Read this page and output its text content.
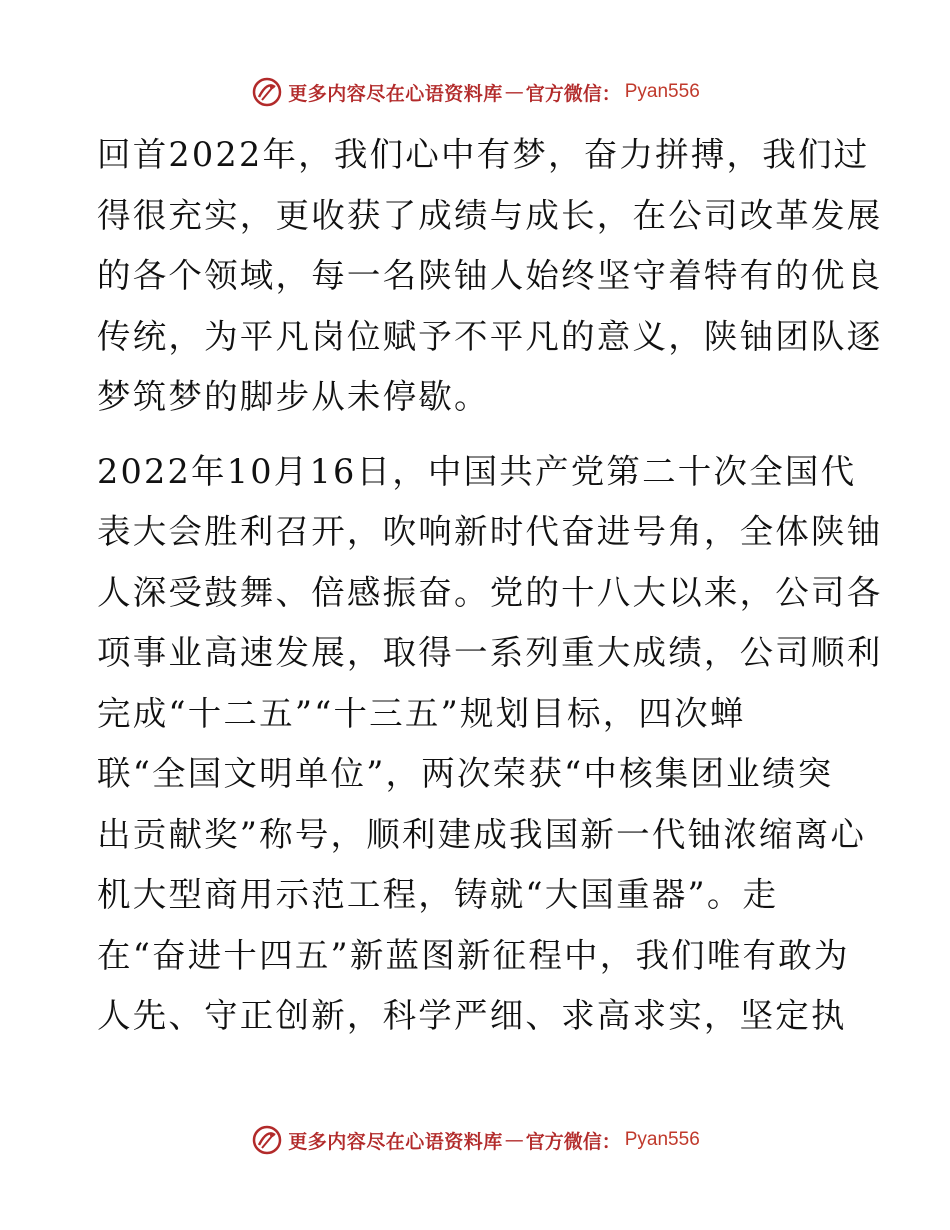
更多内容尽在心语资料库 — 官方微信： Pyan556
回首2022年，我们心中有梦，奋力拼搏，我们过
得很充实，更收获了成绩与成长，在公司改革发展
的各个领域，每一名陕铀人始终坚守着特有的优良
传统，为平凡岗位赋予不平凡的意义，陕铀团队逐
梦筑梦的脚步从未停歇。
2022年10月16日，中国共产党第二十次全国代
表大会胜利召开，吹响新时代奋进号角，全体陕铀
人深受鼓舞、倍感振奋。党的十八大以来，公司各
项事业高速发展，取得一系列重大成绩，公司顺利
完成“十二五”“十三五”规划目标，四次蝉
联“全国文明单位”，两次荣获“中核集团业绩突
出贡献奖”称号，顺利建成我国新一代铀浓缩离心
机大型商用示范工程，铸就“大国重器”。走
在“奋进十四五”新蓝图新征程中，我们唯有敢为
人先、守正创新，科学严细、求高求实，坚定执
更多内容尽在心语资料库 — 官方微信： Pyan556
